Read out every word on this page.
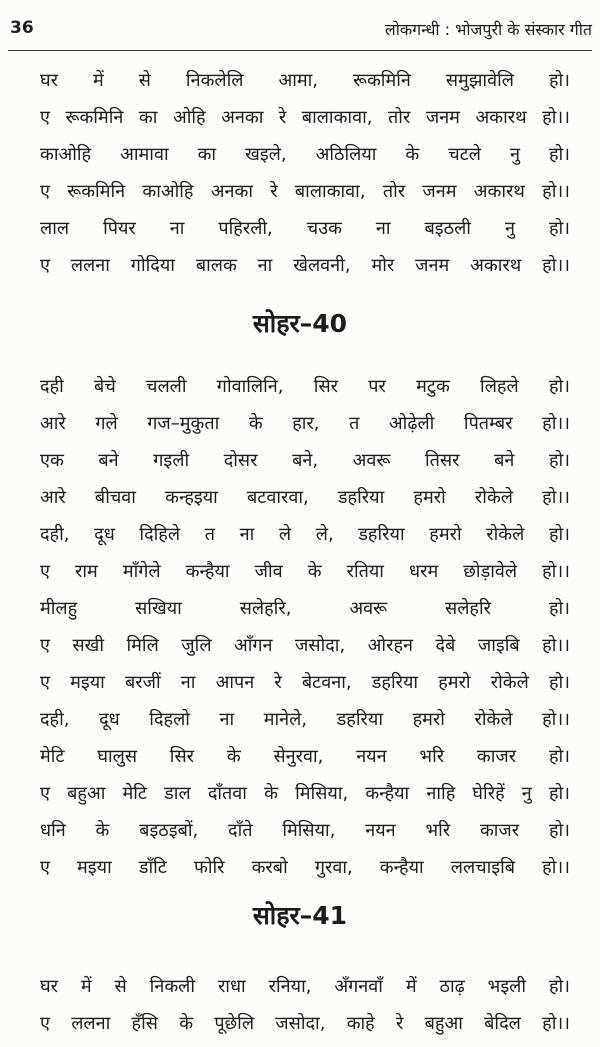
36	लोकगन्धी : भोजपुरी के संस्कार गीत
घर में से निकलेलि आमा, रूकमिनि समुझावेलि हो।
ए रूकमिनि का ओहि अनका रे बालाकावा, तोर जनम अकारथ हो।।
काओहि आमावा का खइले, अठिलिया के चटले नु हो।
ए रूकमिनि काओहि अनका रे बालाकावा, तोर जनम अकारथ हो।।
लाल पियर ना पहिरली, चउक ना बइठली नु हो।
ए ललना गोदिया बालक ना खेलवनी, मोर जनम अकारथ हो।।
सोहर–40
दही बेचे चलली गोवालिनि, सिर पर मटुक लिहले हो।
आरे गले गज–मुकुता के हार, त ओढ़ेली पितम्बर हो।।
एक बने गइली दोसर बने, अवरू तिसर बने हो।
आरे बीचवा कन्हइया बटवारवा, डहरिया हमरो रोकेले हो।।
दही, दूध दिहिले त ना ले ले, डहरिया हमरो रोकेले हो।
ए राम माँगेले कन्हैया जीव के रतिया धरम छोड़ावेले हो।।
मीलहु सखिया सलेहरि, अवरू सलेहरि हो।
ए सखी मिलि जुलि आँगन जसोदा, ओरहन देबे जाइबि हो।।
ए मइया बरजीं ना आपन रे बेटवना, डहरिया हमरो रोकेले हो।
दही, दूध दिहलो ना मानेले, डहरिया हमरो रोकेले हो।।
मेटि घालुस सिर के सेनुरवा, नयन भरि काजर हो।
ए बहुआ मेटि डाल दाँतवा के मिसिया, कन्हैया नाहि घेरिहें नु हो।
धनि के बइठइबों, दाँते मिसिया, नयन भरि काजर हो।
ए मइया डाँटि फोरि करबो गुरवा, कन्हैया ललचाइबि हो।।
सोहर–41
घर में से निकली राधा रनिया, अँगनवाँ में ठाढ़ भइली हो।
ए ललना हँसि के पूछेलि जसोदा, काहे रे बहुआ बेदिल हो।।
